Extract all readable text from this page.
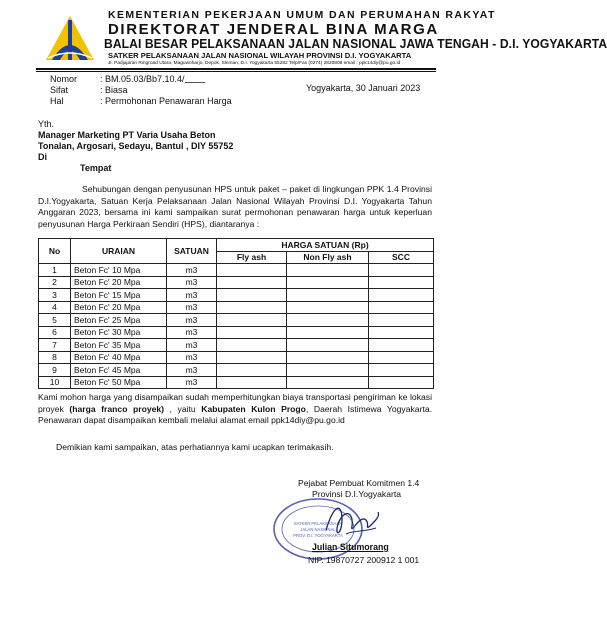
KEMENTERIAN PEKERJAAN UMUM DAN PERUMAHAN RAKYAT
DIREKTORAT JENDERAL BINA MARGA
BALAI BESAR PELAKSANAAN JALAN NASIONAL JAWA TENGAH - D.I. YOGYAKARTA
SATKER PELAKSANAAN JALAN NASIONAL WILAYAH PROVINSI D.I. YOGYAKARTA
Jl. Padjajaran Ringroad Utara, Maguwoharjo, Depok, Sleman, D.I. Yogyakarta 55282 Telp/Fax (0274) 2820808 email : ppk14diy@pu.go.id
Nomor	: BM.05.03/Bb7.10.4/
Yogyakarta, 30 Januari 2023
Sifat	: Biasa
Hal	: Permohonan Penawaran Harga
Yth.
Manager Marketing PT Varia Usaha Beton
Tonalan, Argosari, Sedayu, Bantul , DIY 55752
Di
Tempat
Sehubungan dengan penyusunan HPS untuk paket – paket di lingkungan PPK 1.4 Provinsi D.I.Yogyakarta, Satuan Kerja Pelaksanaan Jalan Nasional Wilayah Provinsi D.I. Yogyakarta Tahun Anggaran 2023, bersama ini kami sampaikan surat permohonan penawaran harga untuk keperluan penyusunan Harga Perkiraan Sendiri (HPS), diantaranya :
No	URAIAN	SATUAN	HARGA SATUAN (Rp)		
			Fly ash	Non Fly ash	SCC
1	Beton Fc' 10 Mpa	m3			
2	Beton Fc' 20 Mpa	m3			
3	Beton Fc' 15 Mpa	m3			
4	Beton Fc' 20 Mpa	m3			
5	Beton Fc' 25 Mpa	m3			
6	Beton Fc' 30 Mpa	m3			
7	Beton Fc' 35 Mpa	m3			
8	Beton Fc' 40 Mpa	m3			
9	Beton Fc' 45 Mpa	m3			
10	Beton Fc' 50 Mpa	m3			
Kami mohon harga yang disampaikan sudah memperhitungkan biaya transportasi pengiriman ke lokasi proyek (harga franco proyek) , yaitu Kabupaten Kulon Progo, Daerah Istimewa Yogyakarta. Penawaran dapat disampaikan kembali melalui alamat email ppk14diy@pu.go.id
Demikian kami sampaikan, atas perhatiannya kami ucapkan terimakasih.
Pejabat Pembuat Komitmen 1.4
Provinsi D.I.Yogyakarta
SATKER PELAKSANAAN
JALAN NASIONAL
PROV. D.I. YOGYAKARTA
Julian Situmorang
NIP. 19870727 200912 1 001
